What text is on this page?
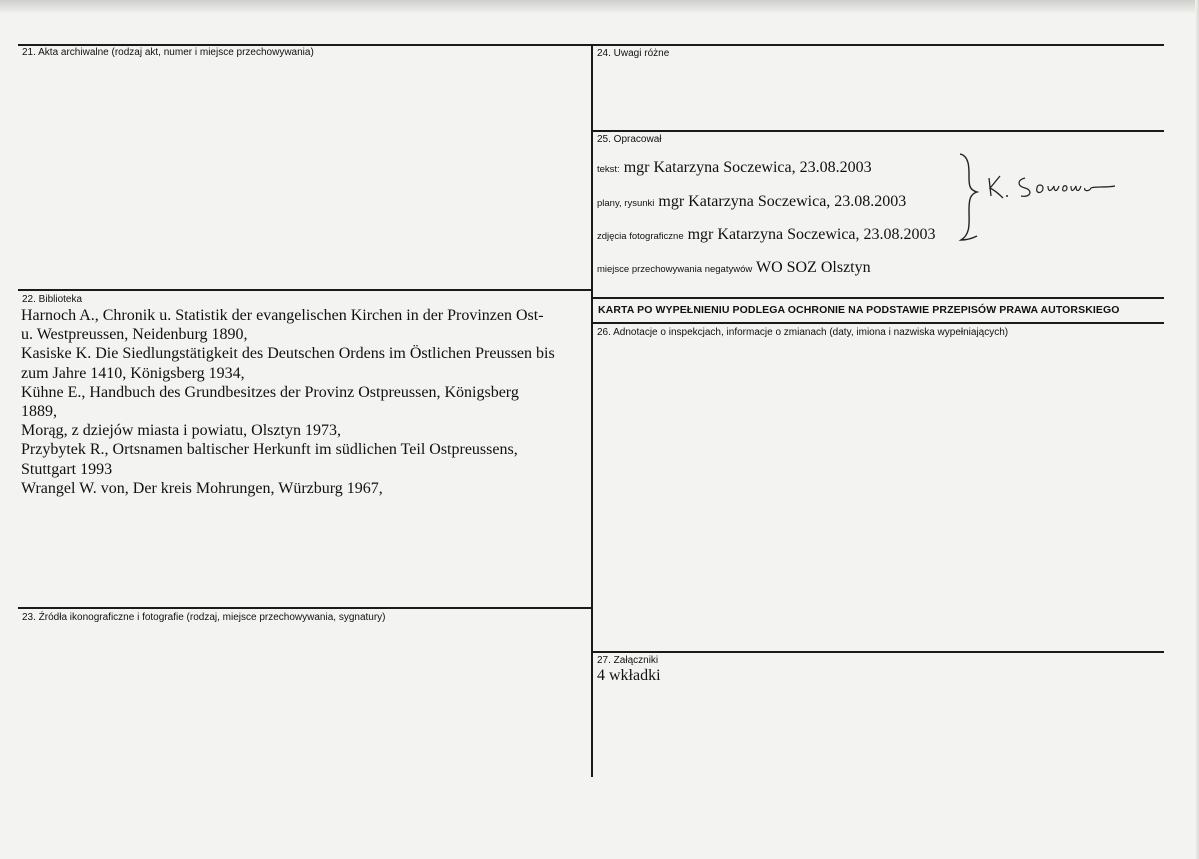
21. Akta archiwalne (rodzaj akt, numer i miejsce przechowywania)
22. Biblioteka
Harnoch A., Chronik u. Statistik der evangelischen Kirchen in der Provinzen Ost-
u. Westpreussen, Neidenburg 1890,
Kasiske K. Die Siedlungstätigkeit des Deutschen Ordens im Östlichen Preussen bis
zum Jahre 1410, Königsberg 1934,
Kühne E., Handbuch des Grundbesitzes der Provinz Ostpreussen, Königsberg
1889,
Morąg, z dziejów miasta i powiatu, Olsztyn 1973,
Przybytek R., Ortsnamen baltischer Herkunft im südlichen Teil Ostpreussens,
Stuttgart 1993
Wrangel W. von, Der kreis Mohrungen, Würzburg 1967,
23. Źródła ikonograficzne i fotografie (rodzaj, miejsce przechowywania, sygnatury)
24. Uwagi różne
25. Opracował
tekst: mgr Katarzyna Soczewica, 23.08.2003
plany, rysunki mgr Katarzyna Soczewica, 23.08.2003
zdjęcia fotograficzne mgr Katarzyna Soczewica, 23.08.2003
miejsce przechowywania negatywów WO SOZ Olsztyn
KARTA PO WYPEŁNIENIU PODLEGA OCHRONIE NA PODSTAWIE PRZEPISÓW PRAWA AUTORSKIEGO
26. Adnotacje o inspekcjach, informacje o zmianach (daty, imiona i nazwiska wypełniających)
27. Załączniki
4 wkładki
